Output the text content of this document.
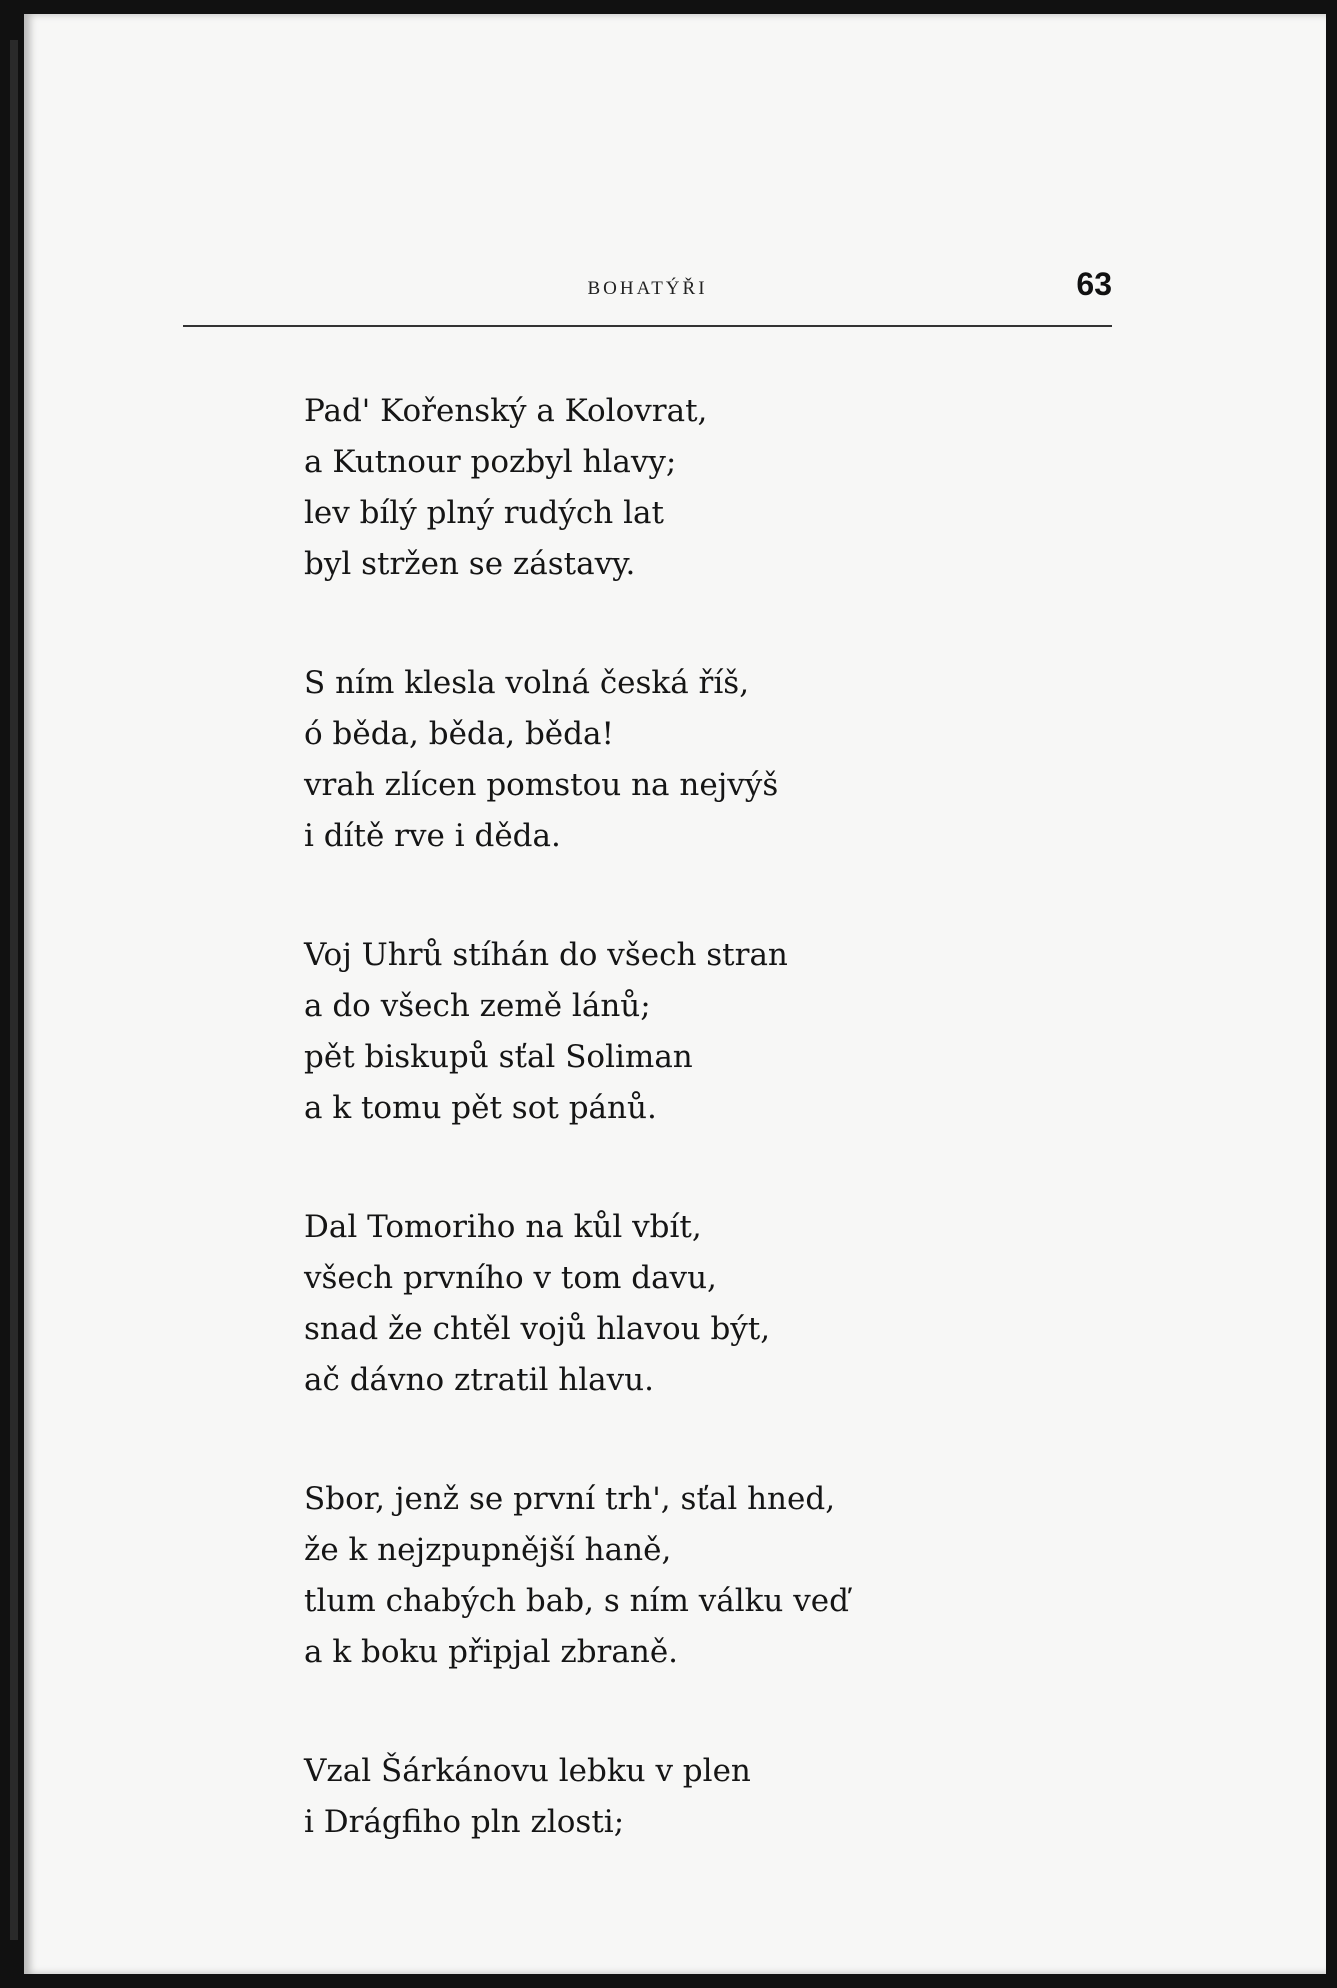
BOHATÝŘI	63
Pad' Kořenský a Kolovrat,
a Kutnour pozbyl hlavy;
lev bílý plný rudých lat
byl stržen se zástavy.
S ním klesla volná česká říš,
ó běda, běda, běda!
vrah zlícen pomstou na nejvýš
i dítě rve i děda.
Voj Uhrů stíhán do všech stran
a do všech země lánů;
pět biskupů sťal Soliman
a k tomu pět sot pánů.
Dal Tomoriho na kůl vbít,
všech prvního v tom davu,
snad že chtěl vojů hlavou být,
ač dávno ztratil hlavu.
Sbor, jenž se první trh', sťal hned,
že k nejzpupnější haně,
tlum chabých bab, s ním válku veď
a k boku připjal zbraně.
Vzal Šárkánovu lebku v plen
i Drágfiho pln zlosti;
